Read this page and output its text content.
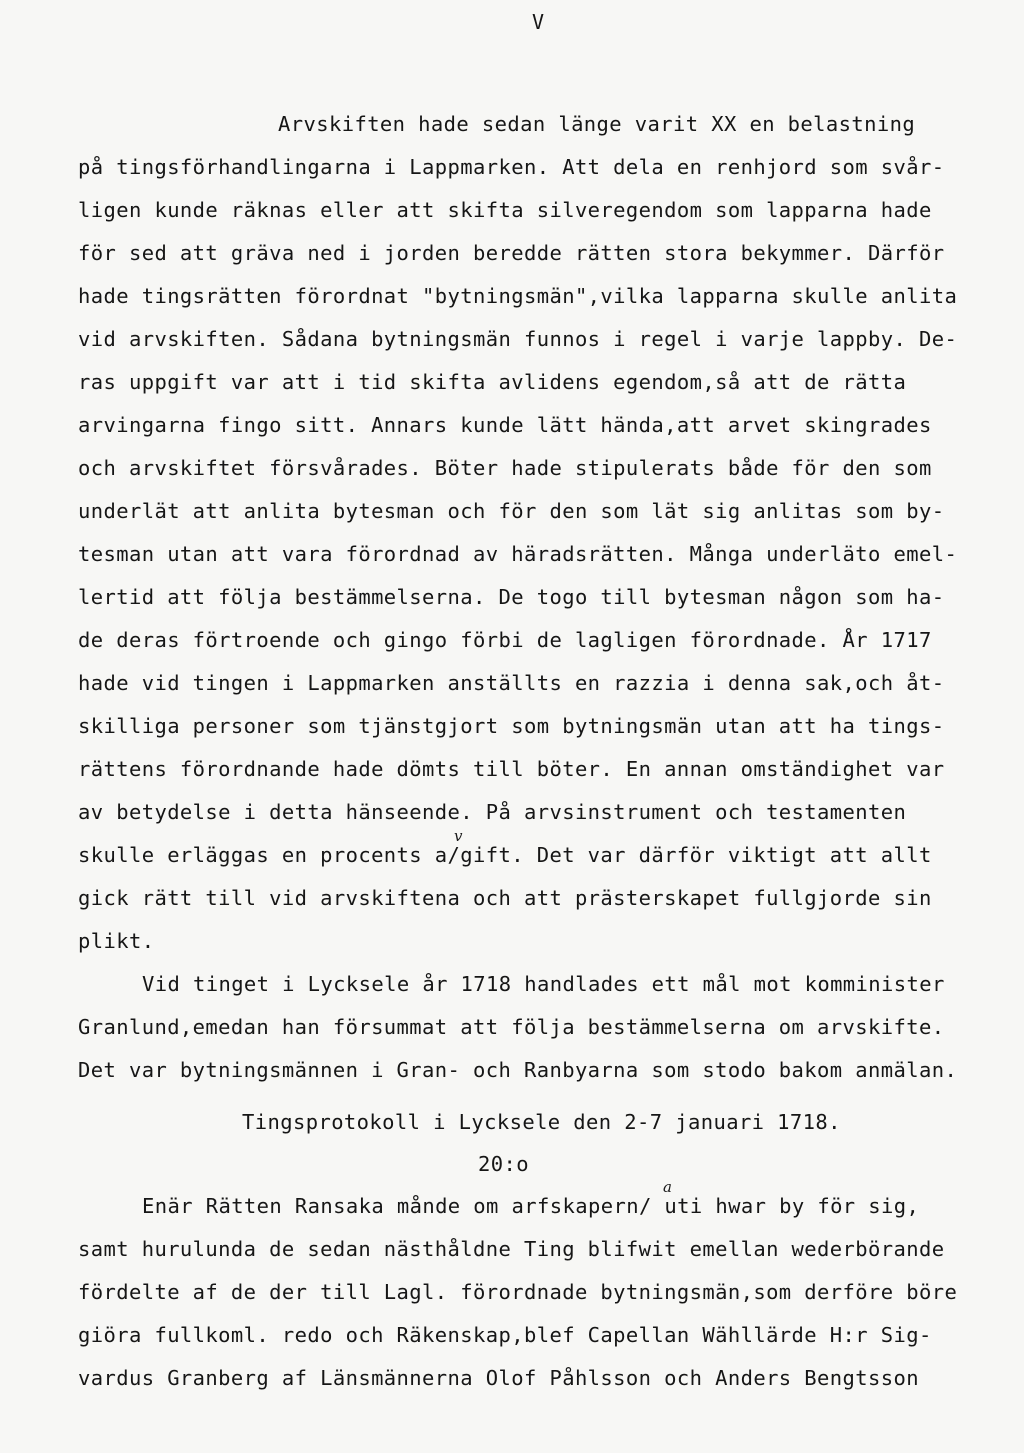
V
Arvskiften hade sedan länge varit XX en belastning
på tingsförhandlingarna i Lappmarken. Att dela en renhjord som svår-
ligen kunde räknas eller att skifta silveregendom som lapparna hade
för sed att gräva ned i jorden beredde rätten stora bekymmer. Därför
hade tingsrätten förordnat "bytningsmän",vilka lapparna skulle anlita
vid arvskiften. Sådana bytningsmän funnos i regel i varje lappby. De-
ras uppgift var att i tid skifta avlidens egendom,så att de rätta
arvingarna fingo sitt. Annars kunde lätt hända,att arvet skingrades
och arvskiftet försvårades. Böter hade stipulerats både för den som
underlät att anlita bytesman och för den som lät sig anlitas som by-
tesman utan att vara förordnad av häradsrätten. Många underläto emel-
lertid att följa bestämmelserna. De togo till bytesman någon som ha-
de deras förtroende och gingo förbi de lagligen förordnade. År 1717
hade vid tingen i Lappmarken anställts en razzia i denna sak,och åt-
skilliga personer som tjänstgjort som bytningsmän utan att ha tings-
rättens förordnande hade dömts till böter. En annan omständighet var
av betydelse i detta hänseende. På arvsinstrument och testamenten
v
skulle erläggas en procents a/gift. Det var därför viktigt att allt
gick rätt till vid arvskiftena och att prästerskapet fullgjorde sin
plikt.
Vid tinget i Lycksele år 1718 handlades ett mål mot komminister
Granlund,emedan han försummat att följa bestämmelserna om arvskifte.
Det var bytningsmännen i Gran- och Ranbyarna som stodo bakom anmälan.
Tingsprotokoll i Lycksele den 2-7 januari 1718.
20:o
a
Enär Rätten Ransaka månde om arfskapern/ uti hwar by för sig,
samt hurulunda de sedan nästhåldne Ting blifwit emellan wederbörande
fördelte af de der till Lagl. förordnade bytningsmän,som derföre böre
giöra fullkoml. redo och Räkenskap,blef Capellan Wähllärde H:r Sig-
vardus Granberg af Länsmännerna Olof Påhlsson och Anders Bengtsson
